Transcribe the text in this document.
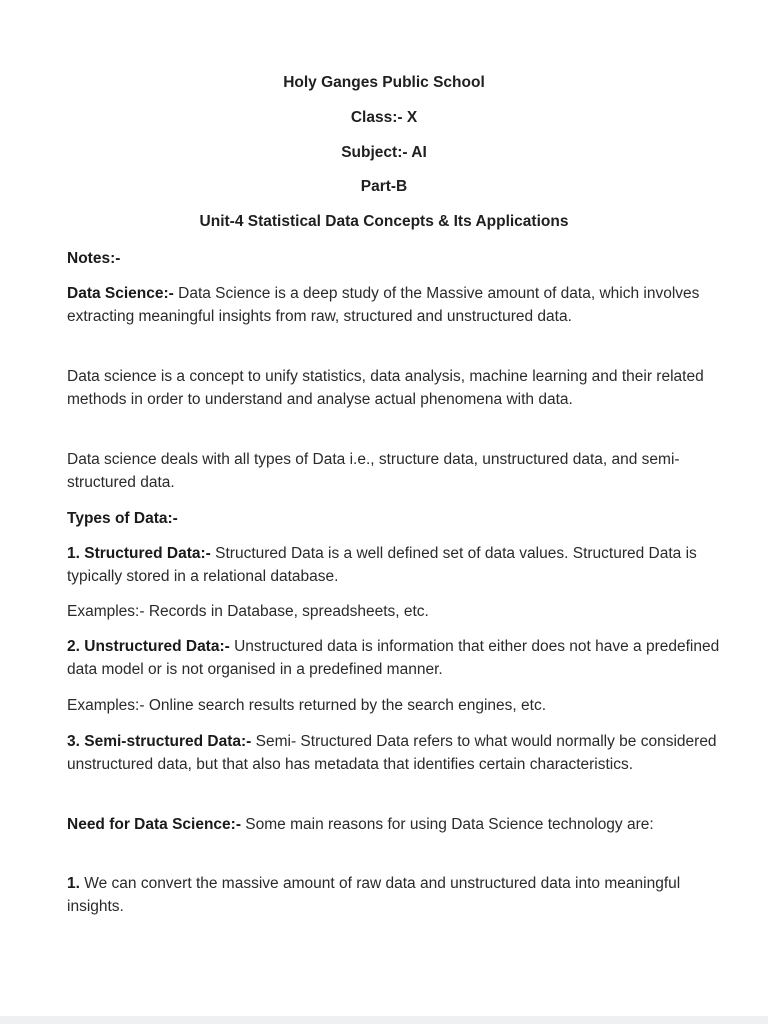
Holy Ganges Public School
Class:- X
Subject:- AI
Part-B
Unit-4 Statistical Data Concepts & Its Applications

Notes:-

Data Science:- Data Science is a deep study of the Massive amount of data, which involves extracting meaningful insights from raw, structured and unstructured data.

Data science is a concept to unify statistics, data analysis, machine learning and their related methods in order to understand and analyse actual phenomena with data.

Data science deals with all types of Data i.e., structure data, unstructured data, and semi-structured data.

Types of Data:-

1. Structured Data:- Structured Data is a well defined set of data values. Structured Data is typically stored in a relational database.

Examples:- Records in Database, spreadsheets, etc.

2. Unstructured Data:- Unstructured data is information that either does not have a predefined data model or is not organised in a predefined manner.

Examples:- Online search results returned by the search engines, etc.

3. Semi-structured Data:- Semi- Structured Data refers to what would normally be considered unstructured data, but that also has metadata that identifies certain characteristics.

Need for Data Science:- Some main reasons for using Data Science technology are:

1. We can convert the massive amount of raw data and unstructured data into meaningful insights.
